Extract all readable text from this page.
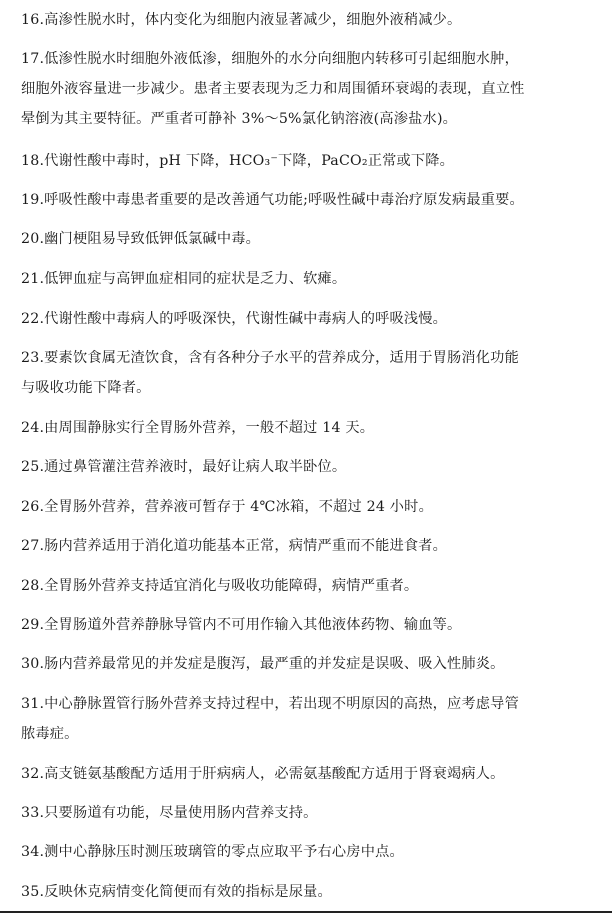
16.高渗性脱水时，体内变化为细胞内液显著减少，细胞外液稍减少。

17.低渗性脱水时细胞外液低渗，细胞外的水分向细胞内转移可引起细胞水肿，
细胞外液容量进一步减少。患者主要表现为乏力和周围循环衰竭的表现，直立性
晕倒为其主要特征。严重者可静补 3%～5%氯化钠溶液(高渗盐水)。

18.代谢性酸中毒时，pH 下降，HCO₃⁻下降，PaCO₂正常或下降。

19.呼吸性酸中毒患者重要的是改善通气功能;呼吸性碱中毒治疗原发病最重要。

20.幽门梗阻易导致低钾低氯碱中毒。

21.低钾血症与高钾血症相同的症状是乏力、软瘫。

22.代谢性酸中毒病人的呼吸深快，代谢性碱中毒病人的呼吸浅慢。

23.要素饮食属无渣饮食，含有各种分子水平的营养成分，适用于胃肠消化功能
与吸收功能下降者。

24.由周围静脉实行全胃肠外营养，一般不超过 14 天。

25.通过鼻管灌注营养液时，最好让病人取半卧位。

26.全胃肠外营养，营养液可暂存于 4℃冰箱，不超过 24 小时。

27.肠内营养适用于消化道功能基本正常，病情严重而不能进食者。

28.全胃肠外营养支持适宜消化与吸收功能障碍，病情严重者。

29.全胃肠道外营养静脉导管内不可用作输入其他液体药物、输血等。

30.肠内营养最常见的并发症是腹泻，最严重的并发症是误吸、吸入性肺炎。

31.中心静脉置管行肠外营养支持过程中，若出现不明原因的高热，应考虑导管
脓毒症。

32.高支链氨基酸配方适用于肝病病人，必需氨基酸配方适用于肾衰竭病人。

33.只要肠道有功能，尽量使用肠内营养支持。

34.测中心静脉压时测压玻璃管的零点应取平予右心房中点。

35.反映休克病情变化简便而有效的指标是尿量。
